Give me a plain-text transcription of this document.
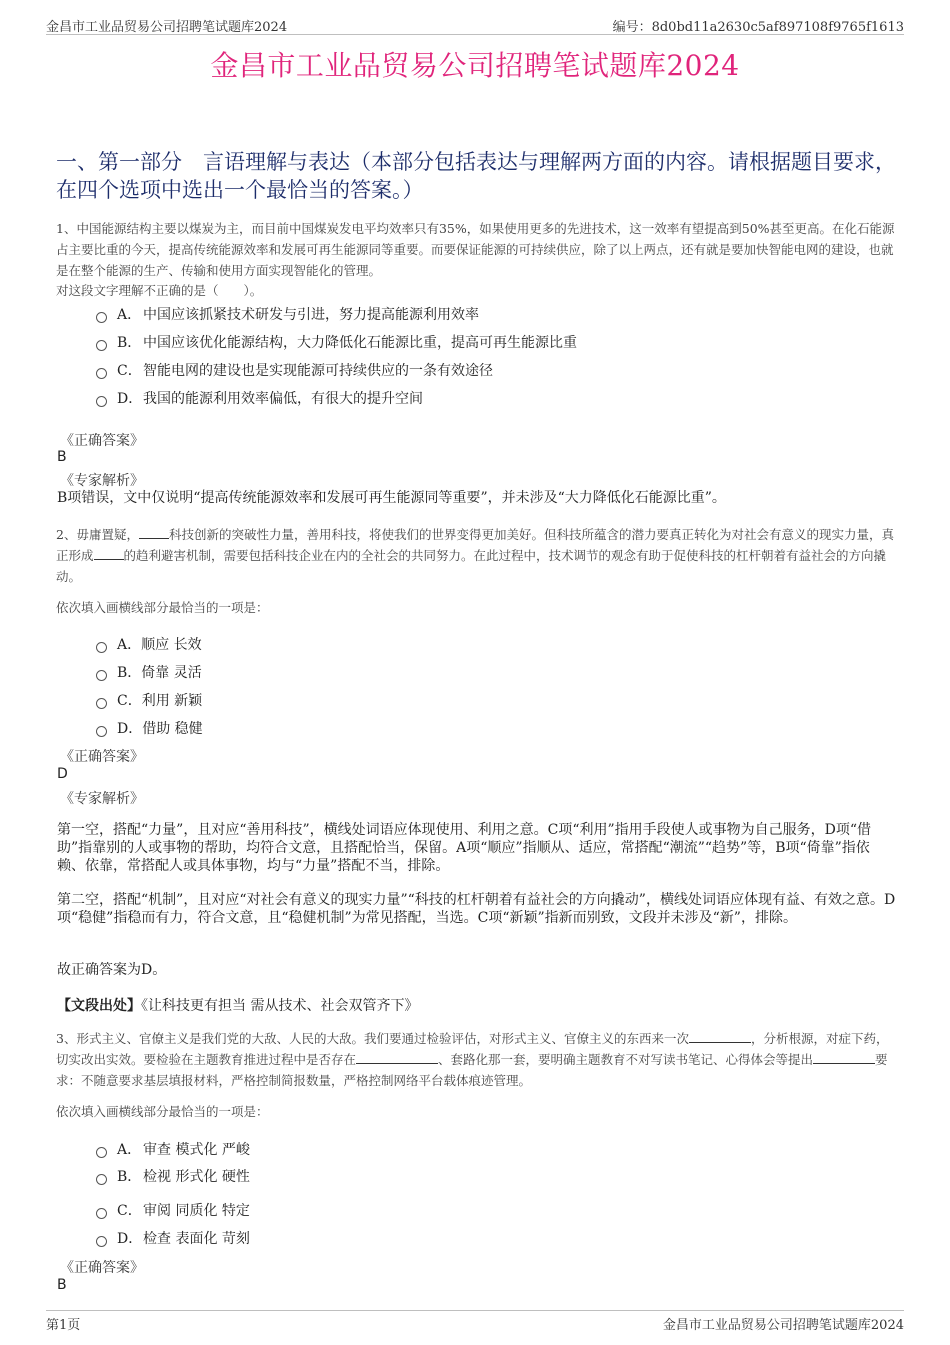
金昌市工业品贸易公司招聘笔试题库2024	编号：8d0bd11a2630c5af897108f9765f1613
金昌市工业品贸易公司招聘笔试题库2024
一、第一部分　言语理解与表达（本部分包括表达与理解两方面的内容。请根据题目要求，在四个选项中选出一个最恰当的答案。）
1、中国能源结构主要以煤炭为主，而目前中国煤炭发电平均效率只有35%，如果使用更多的先进技术，这一效率有望提高到50%甚至更高。在化石能源占主要比重的今天，提高传统能源效率和发展可再生能源同等重要。而要保证能源的可持续供应，除了以上两点，还有就是要加快智能电网的建设，也就是在整个能源的生产、传输和使用方面实现智能化的管理。
对这段文字理解不正确的是（　　）。
A． 中国应该抓紧技术研发与引进，努力提高能源利用效率
B． 中国应该优化能源结构，大力降低化石能源比重，提高可再生能源比重
C．智能电网的建设也是实现能源可持续供应的一条有效途径
D．我国的能源利用效率偏低，有很大的提升空间
《正确答案》
B
《专家解析》
B项错误，文中仅说明“提高传统能源效率和发展可再生能源同等重要”，并未涉及“大力降低化石能源比重”。
2、毋庸置疑， 科技创新的突破性力量，善用科技，将使我们的世界变得更加美好。但科技所蕴含的潜力要真正转化为对社会有意义的现实力量，真正形成 的趋利避害机制，需要包括科技企业在内的全社会的共同努力。在此过程中，技术调节的观念有助于促使科技的杠杆朝着有益社会的方向撬动。
依次填入画横线部分最恰当的一项是：
A．顺应 长效
B．倚靠 灵活
C．利用 新颖
D．借助 稳健
《正确答案》
D
《专家解析》
第一空，搭配“力量”，且对应“善用科技”，横线处词语应体现使用、利用之意。C项“利用”指用手段使人或事物为自己服务，D项“借助”指靠别的人或事物的帮助，均符合文意，且搭配恰当，保留。A项“顺应”指顺从、适应，常搭配“潮流”“趋势”等，B项“倚靠”指依赖、依靠，常搭配人或具体事物，均与“力量”搭配不当，排除。
第二空，搭配“机制”，且对应“对社会有意义的现实力量”“科技的杠杆朝着有益社会的方向撬动”，横线处词语应体现有益、有效之意。D项“稳健”指稳而有力，符合文意，且“稳健机制”为常见搭配，当选。C项“新颖”指新而别致，文段并未涉及“新”，排除。
故正确答案为D。
【文段出处】《让科技更有担当 需从技术、社会双管齐下》
3、形式主义、官僚主义是我们党的大敌、人民的大敌。我们要通过检验评估，对形式主义、官僚主义的东西来一次	，分析根源，对症下药，切实改出实效。要检验在主题教育推进过程中是否存在	、套路化那一套，要明确主题教育不对写读书笔记、心得体会等提出	要求：不随意要求基层填报材料，严格控制简报数量，严格控制网络平台载体痕迹管理。
依次填入画横线部分最恰当的一项是：
A． 审查 模式化 严峻
B． 检视 形式化 硬性
C．审阅 同质化 特定
D．检查 表面化 苛刻
《正确答案》
B
第1页	金昌市工业品贸易公司招聘笔试题库2024
